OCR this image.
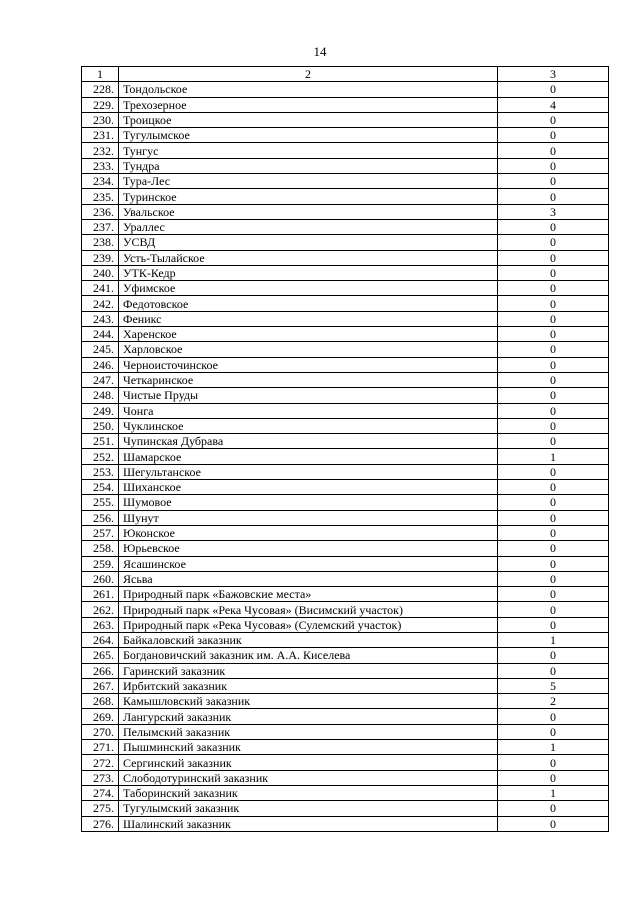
14
1	2	3
228.	Тондольское	0
229.	Трехозерное	4
230.	Троицкое	0
231.	Тугулымское	0
232.	Тунгус	0
233.	Тундра	0
234.	Тура-Лес	0
235.	Туринское	0
236.	Увальское	3
237.	Ураллес	0
238.	УСВД	0
239.	Усть-Тылайское	0
240.	УТК-Кедр	0
241.	Уфимское	0
242.	Федотовское	0
243.	Феникс	0
244.	Харенское	0
245.	Харловское	0
246.	Черноисточинское	0
247.	Четкаринское	0
248.	Чистые Пруды	0
249.	Чонга	0
250.	Чуклинское	0
251.	Чупинская Дубрава	0
252.	Шамарское	1
253.	Шегультанское	0
254.	Шиханское	0
255.	Шумовое	0
256.	Шунут	0
257.	Юконское	0
258.	Юрьевское	0
259.	Ясашинское	0
260.	Ясьва	0
261.	Природный парк «Бажовские места»	0
262.	Природный парк «Река Чусовая» (Висимский участок)	0
263.	Природный парк «Река Чусовая» (Сулемский участок)	0
264.	Байкаловский заказник	1
265.	Богдановичский заказник им. А.А. Киселева	0
266.	Гаринский заказник	0
267.	Ирбитский заказник	5
268.	Камышловский заказник	2
269.	Лангурский заказник	0
270.	Пелымский заказник	0
271.	Пышминский заказник	1
272.	Сергинский заказник	0
273.	Слободотуринский заказник	0
274.	Таборинский заказник	1
275.	Тугулымский заказник	0
276.	Шалинский заказник	0
